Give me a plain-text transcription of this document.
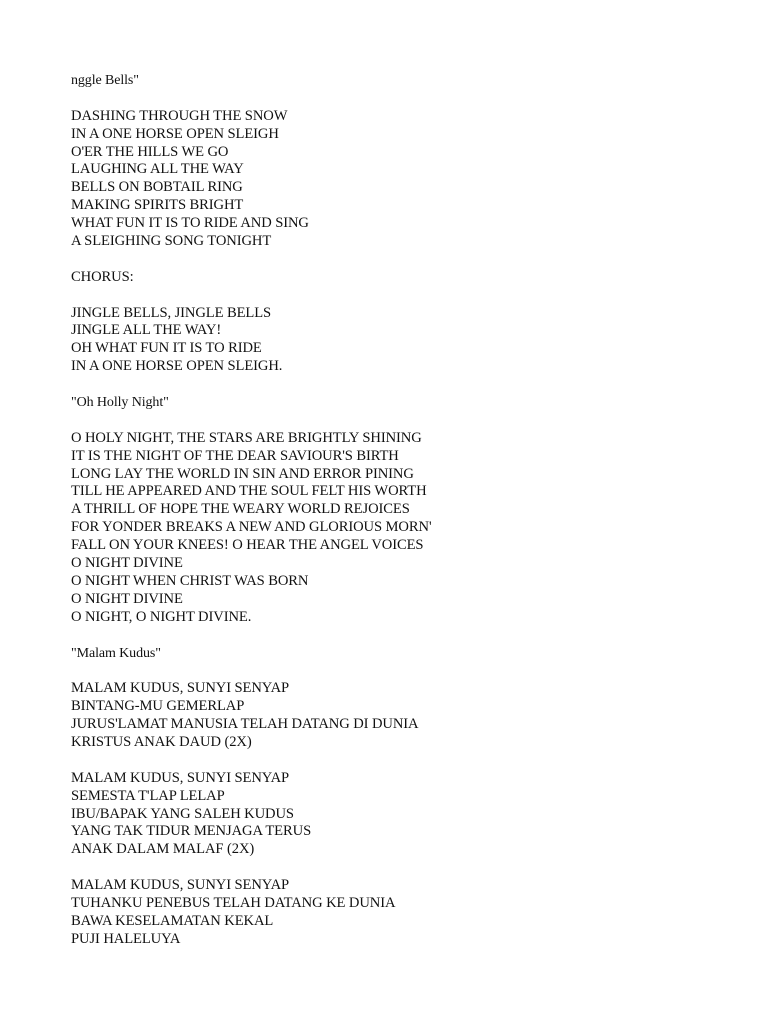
nggle Bells"
DASHING THROUGH THE SNOW
IN A ONE HORSE OPEN SLEIGH
O'ER THE HILLS WE GO
LAUGHING ALL THE WAY
BELLS ON BOBTAIL RING
MAKING SPIRITS BRIGHT
WHAT FUN IT IS TO RIDE AND SING
A SLEIGHING SONG TONIGHT
CHORUS:
JINGLE BELLS, JINGLE BELLS
JINGLE ALL THE WAY!
OH WHAT FUN IT IS TO RIDE
IN A ONE HORSE OPEN SLEIGH.
"Oh Holly Night"
O HOLY NIGHT, THE STARS ARE BRIGHTLY SHINING
IT IS THE NIGHT OF THE DEAR SAVIOUR'S BIRTH
LONG LAY THE WORLD IN SIN AND ERROR PINING
TILL HE APPEARED AND THE SOUL FELT HIS WORTH
A THRILL OF HOPE THE WEARY WORLD REJOICES
FOR YONDER BREAKS A NEW AND GLORIOUS MORN'
FALL ON YOUR KNEES! O HEAR THE ANGEL VOICES
O NIGHT DIVINE
O NIGHT WHEN CHRIST WAS BORN
O NIGHT DIVINE
O NIGHT, O NIGHT DIVINE.
"Malam Kudus"
MALAM KUDUS, SUNYI SENYAP
BINTANG-MU GEMERLAP
JURUS'LAMAT MANUSIA TELAH DATANG DI DUNIA
KRISTUS ANAK DAUD (2X)
MALAM KUDUS, SUNYI SENYAP
SEMESTA T'LAP LELAP
IBU/BAPAK YANG SALEH KUDUS
YANG TAK TIDUR MENJAGA TERUS
ANAK DALAM MALAF (2X)
MALAM KUDUS, SUNYI SENYAP
TUHANKU PENEBUS TELAH DATANG KE DUNIA
BAWA KESELAMATAN KEKAL
PUJI HALELUYA
